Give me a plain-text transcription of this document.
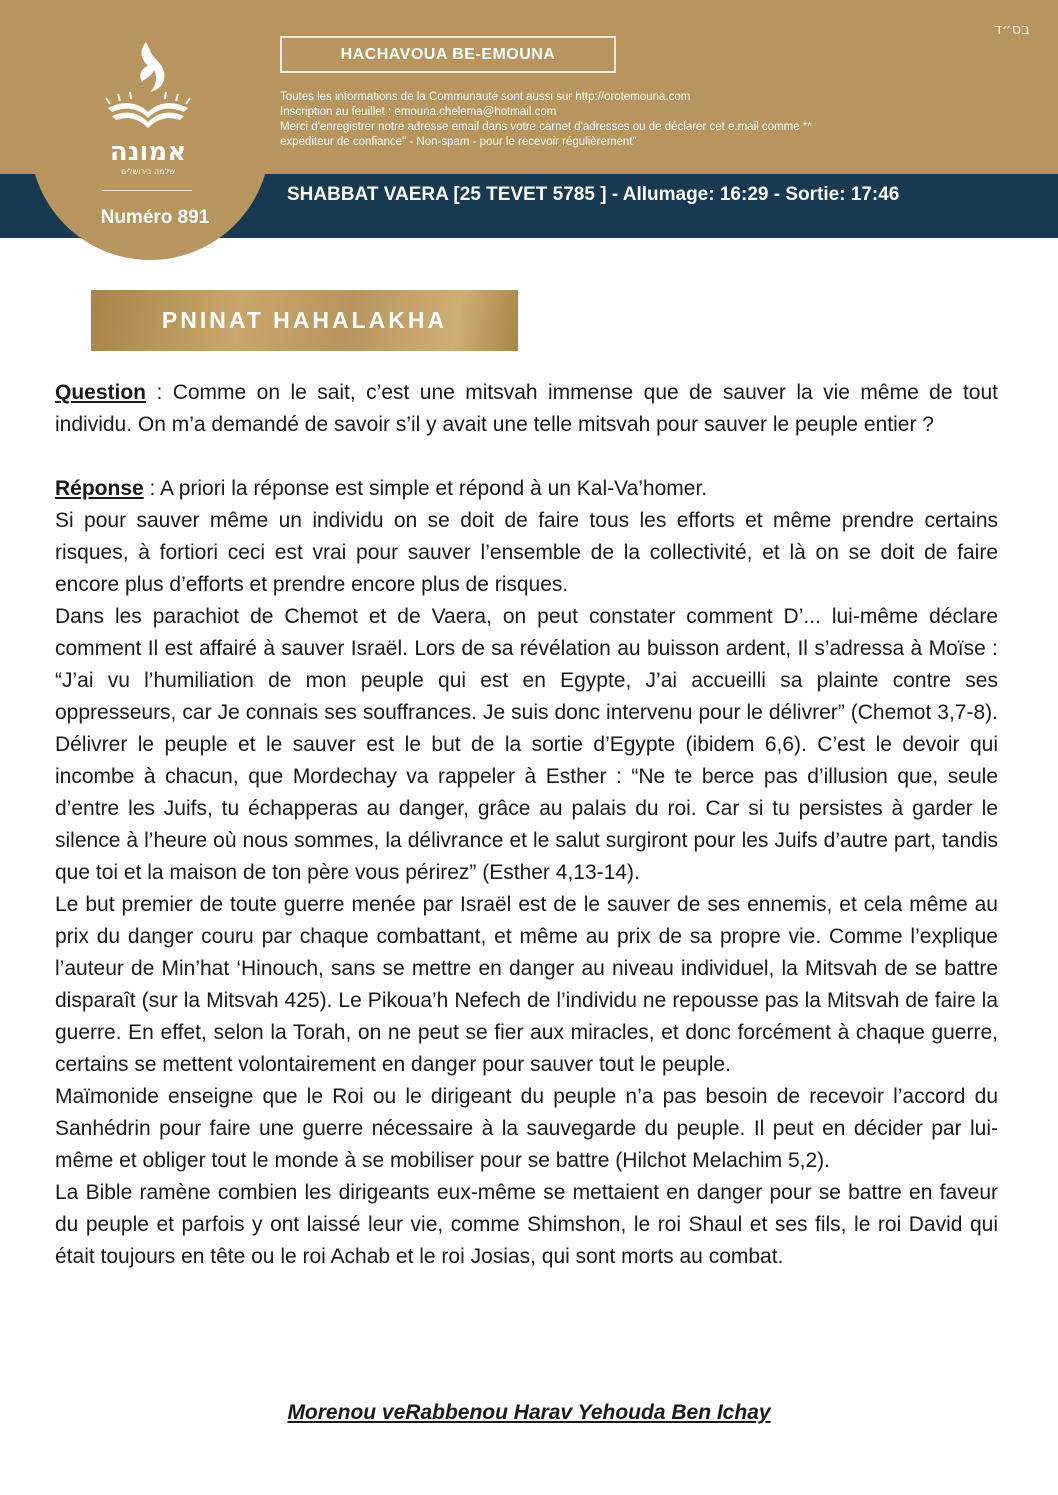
בס״ד
אמונה
שלמה בירושלים
Numéro 891
HACHAVOUA BE-EMOUNA
Toutes les informations de la Communauté sont aussi sur http://orotemouna.com
Inscription au feuillet : emouna.chelema@hotmail.com
Merci d'enregistrer notre adresse email dans votre carnet d'adresses ou de déclarer cet e.mail comme **
expéditeur de confiance" - Non-spam - pour le recevoir régulièrement"
SHABBAT VAERA [25 TEVET 5785 ] - Allumage: 16:29 - Sortie: 17:46
PNINAT HAHALAKHA

Question : Comme on le sait, c’est une mitsvah immense que de sauver la vie même de tout individu. On m’a demandé de savoir s’il y avait une telle mitsvah pour sauver le peuple entier ?

Réponse : A priori la réponse est simple et répond à un Kal-Va’homer.

Si pour sauver même un individu on se doit de faire tous les efforts et même prendre certains risques, à fortiori ceci est vrai pour sauver l’ensemble de la collectivité, et là on se doit de faire encore plus d’efforts et prendre encore plus de risques.

Dans les parachiot de Chemot et de Vaera, on peut constater comment D’... lui-même déclare comment Il est affairé à sauver Israël. Lors de sa révélation au buisson ardent, Il s’adressa à Moïse : “J’ai vu l’humiliation de mon peuple qui est en Egypte, J’ai accueilli sa plainte contre ses oppresseurs, car Je connais ses souffrances. Je suis donc intervenu pour le délivrer” (Chemot 3,7-8). Délivrer le peuple et le sauver est le but de la sortie d’Egypte (ibidem 6,6). C’est le devoir qui incombe à chacun, que Mordechay va rappeler à Esther : “Ne te berce pas d’illusion que, seule d’entre les Juifs, tu échapperas au danger, grâce au palais du roi. Car si tu persistes à garder le silence à l’heure où nous sommes, la délivrance et le salut surgiront pour les Juifs d’autre part, tandis que toi et la maison de ton père vous périrez” (Esther 4,13-14).

Le but premier de toute guerre menée par Israël est de le sauver de ses ennemis, et cela même au prix du danger couru par chaque combattant, et même au prix de sa propre vie. Comme l’explique l’auteur de Min’hat ‘Hinouch, sans se mettre en danger au niveau individuel, la Mitsvah de se battre disparaît (sur la Mitsvah 425). Le Pikoua’h Nefech de l’individu ne repousse pas la Mitsvah de faire la guerre. En effet, selon la Torah, on ne peut se fier aux miracles, et donc forcément à chaque guerre, certains se mettent volontairement en danger pour sauver tout le peuple.

Maïmonide enseigne que le Roi ou le dirigeant du peuple n’a pas besoin de recevoir l’accord du Sanhédrin pour faire une guerre nécessaire à la sauvegarde du peuple. Il peut en décider par lui-même et obliger tout le monde à se mobiliser pour se battre (Hilchot Melachim 5,2).

La Bible ramène combien les dirigeants eux-même se mettaient en danger pour se battre en faveur du peuple et parfois y ont laissé leur vie, comme Shimshon, le roi Shaul et ses fils, le roi David qui était toujours en tête ou le roi Achab et le roi Josias, qui sont morts au combat.

Morenou veRabbenou Harav Yehouda Ben Ichay
